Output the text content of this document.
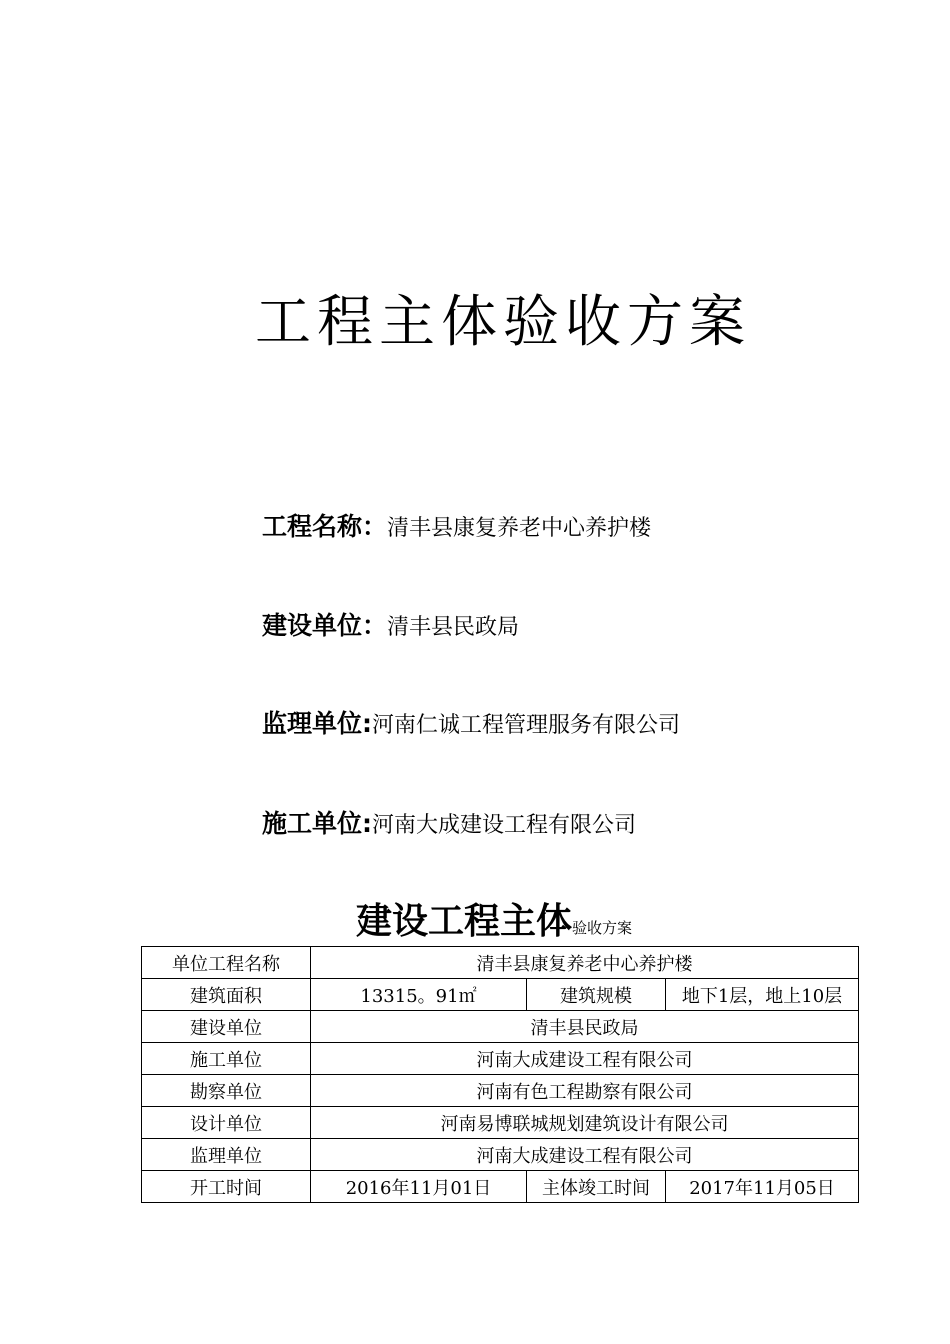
工程主体验收方案
工程名称：清丰县康复养老中心养护楼
建设单位：清丰县民政局
监理单位:河南仁诚工程管理服务有限公司
施工单位:河南大成建设工程有限公司
建设工程主体验收方案
单位工程名称	清丰县康复养老中心养护楼		
建筑面积	13315。91㎡	建筑规模	地下1层，地上10层
建设单位	清丰县民政局		
施工单位	河南大成建设工程有限公司		
勘察单位	河南有色工程勘察有限公司		
设计单位	河南易博联城规划建筑设计有限公司		
监理单位	河南大成建设工程有限公司		
开工时间	2016年11月01日	主体竣工时间	2017年11月05日
